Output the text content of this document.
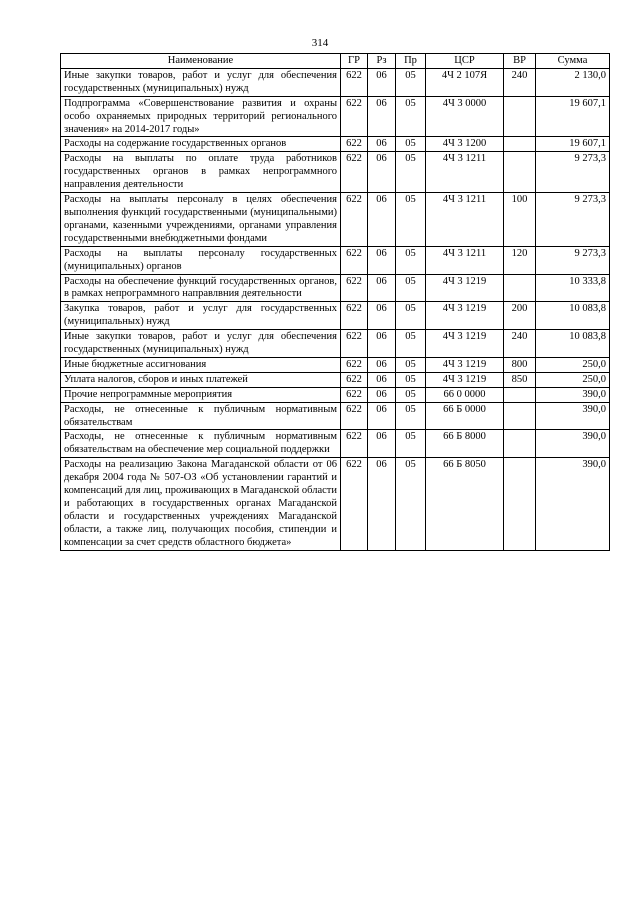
314
Наименование	ГР	Рз	Пр	ЦСР	ВР	Сумма
Иные закупки товаров, работ и услуг для обеспечения государственных (муниципальных) нужд	622	06	05	4Ч 2 107Я	240	2 130,0
Подпрограмма «Совершенствование развития и охраны особо охраняемых природных территорий регионального значения» на 2014-2017 годы»	622	06	05	4Ч 3 0000		19 607,1
Расходы на содержание государственных органов	622	06	05	4Ч 3 1200		19 607,1
Расходы на выплаты по оплате труда работников государственных органов в рамках непрограммного направления деятельности	622	06	05	4Ч 3 1211		9 273,3
Расходы на выплаты персоналу в целях обеспечения выполнения функций государственными (муниципальными) органами, казенными учреждениями, органами управления государственными внебюджетными фондами	622	06	05	4Ч 3 1211	100	9 273,3
Расходы на выплаты персоналу государственных (муниципальных) органов	622	06	05	4Ч 3 1211	120	9 273,3
Расходы на обеспечение функций государственных органов, в рамках непрограммного направлвния деятельности	622	06	05	4Ч 3 1219		10 333,8
Закупка товаров, работ и услуг для государственных (муниципальных) нужд	622	06	05	4Ч 3 1219	200	10 083,8
Иные закупки товаров, работ и услуг для обеспечения государственных (муниципальных) нужд	622	06	05	4Ч 3 1219	240	10 083,8
Иные бюджетные ассигнования	622	06	05	4Ч 3 1219	800	250,0
Уплата налогов, сборов и иных платежей	622	06	05	4Ч 3 1219	850	250,0
Прочие непрограммные мероприятия	622	06	05	66 0 0000		390,0
Расходы, не отнесенные к публичным нормативным обязательствам	622	06	05	66 Б 0000		390,0
Расходы, не отнесенные к публичным нормативным обязательствам на обеспечение мер социальной поддержки	622	06	05	66 Б 8000		390,0
Расходы на реализацию Закона Магаданской области от 06 декабря 2004 года № 507-ОЗ «Об установлении гарантий и компенсаций для лиц, проживающих в Магаданской области и работающих в государственных органах Магаданской области и государственных учреждениях Магаданской области, а также лиц, получающих пособия, стипендии и компенсации за счет средств областного бюджета»	622	06	05	66 Б 8050		390,0
